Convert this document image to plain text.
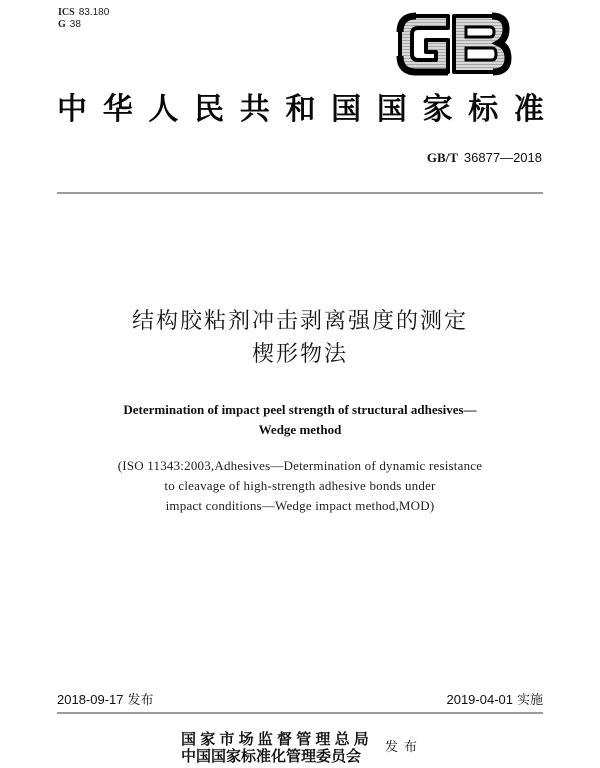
ICS 83.180
G 38
中 华 人 民 共 和 国 国 家 标 准
GB/T 36877—2018
结构胶粘剂冲击剥离强度的测定
楔形物法
Determination of impact peel strength of structural adhesives—
Wedge method
(ISO 11343:2003,Adhesives—Determination of dynamic resistance
to cleavage of high-strength adhesive bonds under
impact conditions—Wedge impact method,MOD)
2018-09-17 发布	2019-04-01 实施
国家市场监督管理总局
中国国家标准化管理委员会	发布
